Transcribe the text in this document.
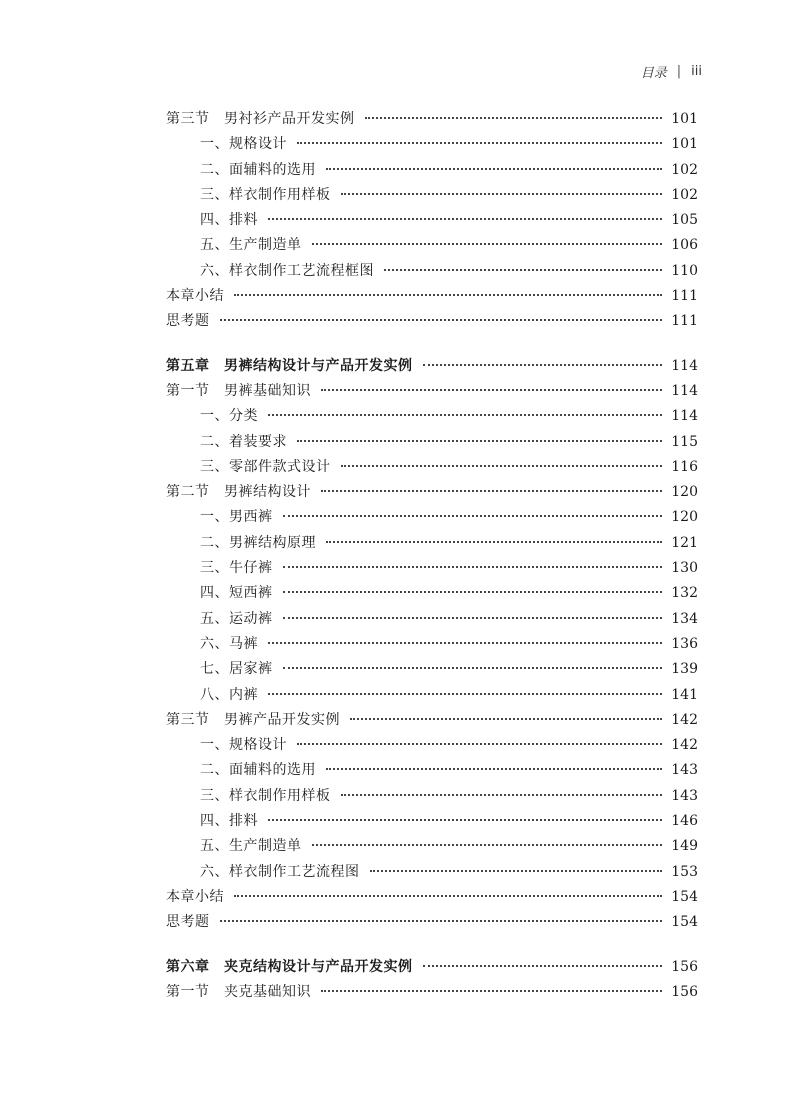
目录 | iii
第三节　男衬衫产品开发实例	101
一、规格设计	101
二、面辅料的选用	102
三、样衣制作用样板	102
四、排料	105
五、生产制造单	106
六、样衣制作工艺流程框图	110
本章小结	111
思考题	111
第五章　男裤结构设计与产品开发实例	114
第一节　男裤基础知识	114
一、分类	114
二、着装要求	115
三、零部件款式设计	116
第二节　男裤结构设计	120
一、男西裤	120
二、男裤结构原理	121
三、牛仔裤	130
四、短西裤	132
五、运动裤	134
六、马裤	136
七、居家裤	139
八、内裤	141
第三节　男裤产品开发实例	142
一、规格设计	142
二、面辅料的选用	143
三、样衣制作用样板	143
四、排料	146
五、生产制造单	149
六、样衣制作工艺流程图	153
本章小结	154
思考题	154
第六章　夹克结构设计与产品开发实例	156
第一节　夹克基础知识	156
